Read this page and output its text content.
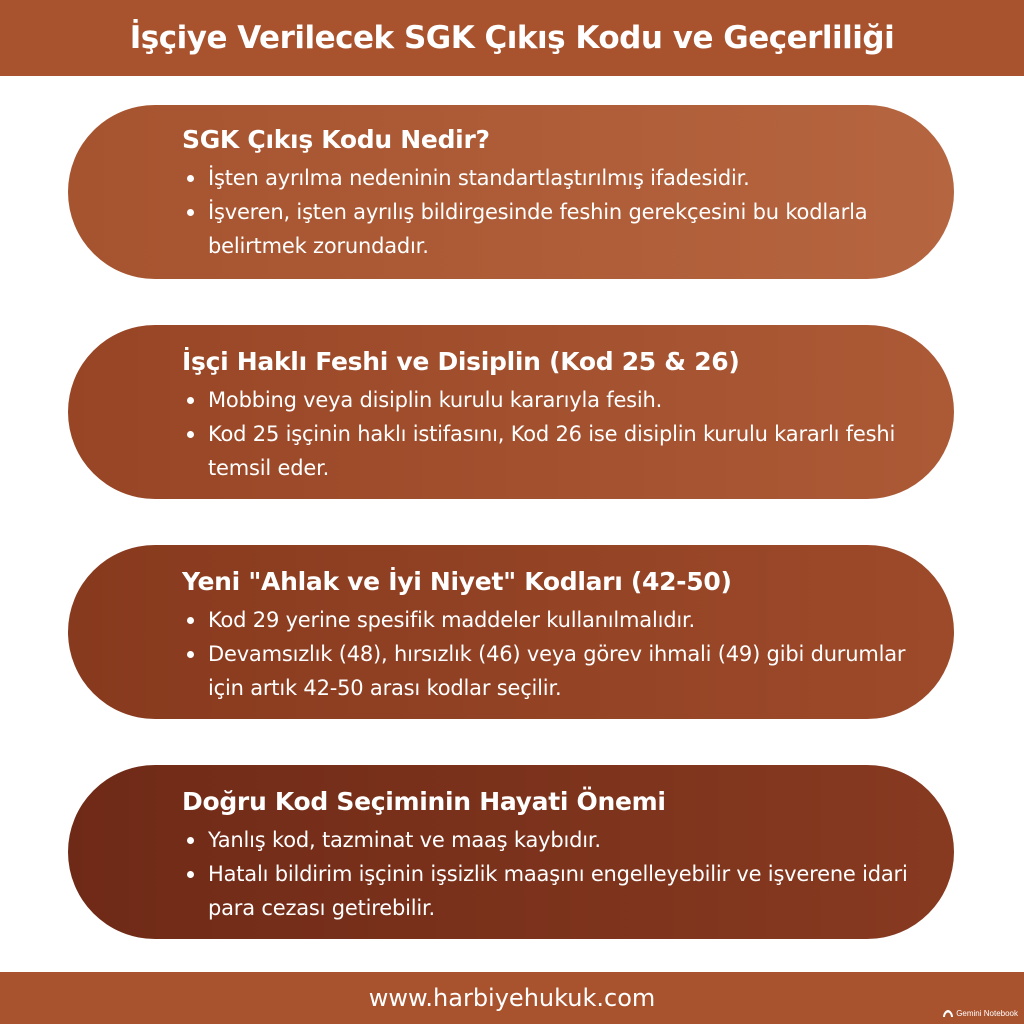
İşçiye Verilecek SGK Çıkış Kodu ve Geçerliliği
SGK Çıkış Kodu Nedir?
İşten ayrılma nedeninin standartlaştırılmış ifadesidir.
İşveren, işten ayrılış bildirgesinde feshin gerekçesini bu kodlarla belirtmek zorundadır.
İşçi Haklı Feshi ve Disiplin (Kod 25 & 26)
Mobbing veya disiplin kurulu kararıyla fesih.
Kod 25 işçinin haklı istifasını, Kod 26 ise disiplin kurulu kararlı feshi temsil eder.
Yeni "Ahlak ve İyi Niyet" Kodları (42-50)
Kod 29 yerine spesifik maddeler kullanılmalıdır.
Devamsızlık (48), hırsızlık (46) veya görev ihmali (49) gibi durumlar için artık 42-50 arası kodlar seçilir.
Doğru Kod Seçiminin Hayati Önemi
Yanlış kod, tazminat ve maaş kaybıdır.
Hatalı bildirim işçinin işsizlik maaşını engelleyebilir ve işverene idari para cezası getirebilir.
www.harbiyehukuk.com
Gemini Notebook
